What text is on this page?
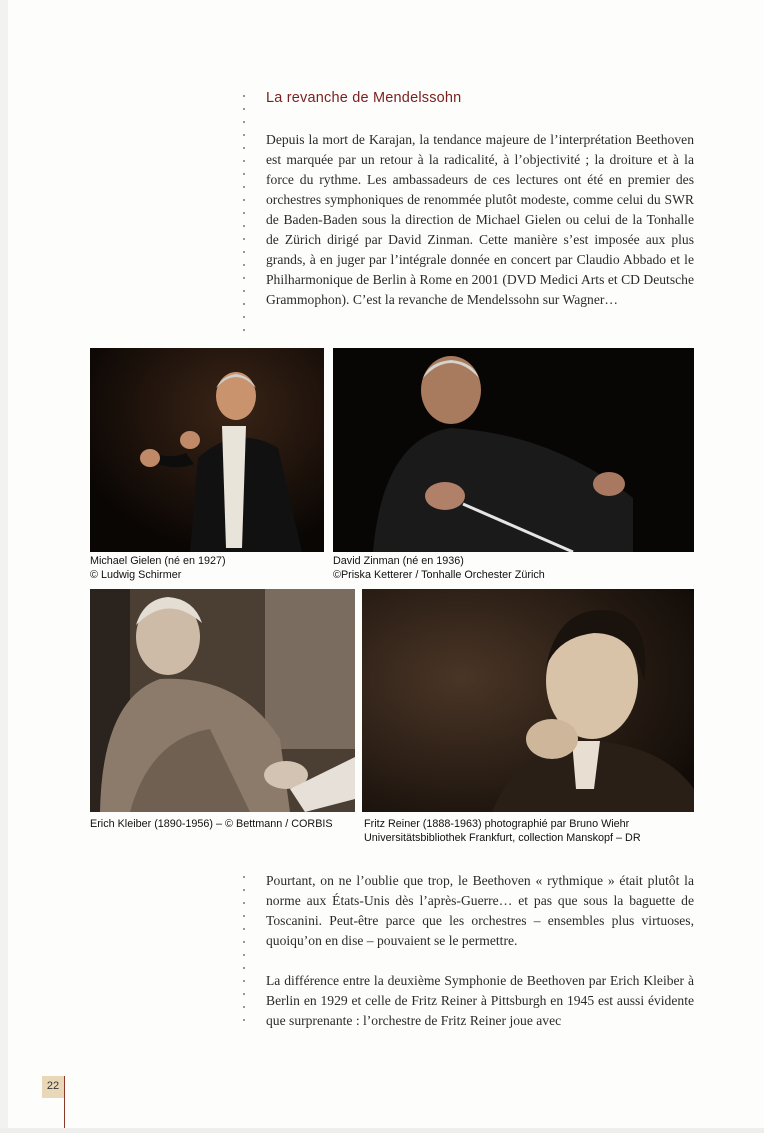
La revanche de Mendelssohn
Depuis la mort de Karajan, la tendance majeure de l’interprétation Beethoven est marquée par un retour à la radicalité, à l’objectivité ; la droiture et à la force du rythme. Les ambassadeurs de ces lectures ont été en premier des orchestres symphoniques de renommée plutôt modeste, comme celui du SWR de Baden-Baden sous la direction de Michael Gielen ou celui de la Tonhalle de Zürich dirigé par David Zinman. Cette manière s’est imposée aux plus grands, à en juger par l’intégrale donnée en concert par Claudio Abbado et le Philharmonique de Berlin à Rome en 2001 (DVD Medici Arts et CD Deutsche Grammophon). C’est la revanche de Mendelssohn sur Wagner…
Michael Gielen (né en 1927)
© Ludwig Schirmer
David Zinman (né en 1936)
©Priska Ketterer / Tonhalle Orchester Zürich
Erich Kleiber (1890-1956) – © Bettmann / CORBIS	Fritz Reiner (1888-1963) photographié par Bruno Wiehr
Universitätsbibliothek Frankfurt, collection Manskopf – DR
Pourtant, on ne l’oublie que trop, le Beethoven « rythmique » était plutôt la norme aux États-Unis dès l’après-Guerre… et pas que sous la baguette de Toscanini. Peut-être parce que les orchestres – ensembles plus virtuoses, quoiqu’on en dise – pouvaient se le permettre.
La différence entre la deuxième Symphonie de Beethoven par Erich Kleiber à Berlin en 1929 et celle de Fritz Reiner à Pittsburgh en 1945 est aussi évidente que surprenante : l’orchestre de Fritz Reiner joue avec
22
